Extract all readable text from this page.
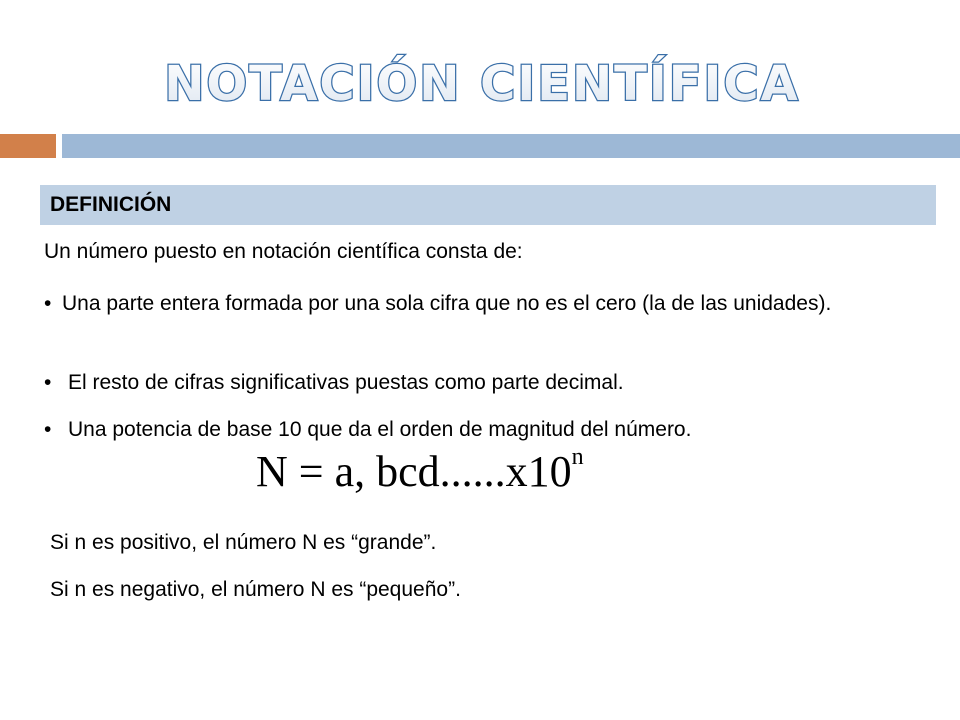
NOTACIÓN CIENTÍFICA
DEFINICIÓN
Un número puesto en notación científica consta de:
• Una parte entera formada por una sola cifra que no es el cero (la de las unidades).
• El resto de cifras significativas puestas como parte decimal.
• Una potencia de base 10 que da el orden de magnitud del número.
N = a, bcd......x10$^n$
Si n es positivo, el número N es “grande”.
Si n es negativo, el número N es “pequeño”.
